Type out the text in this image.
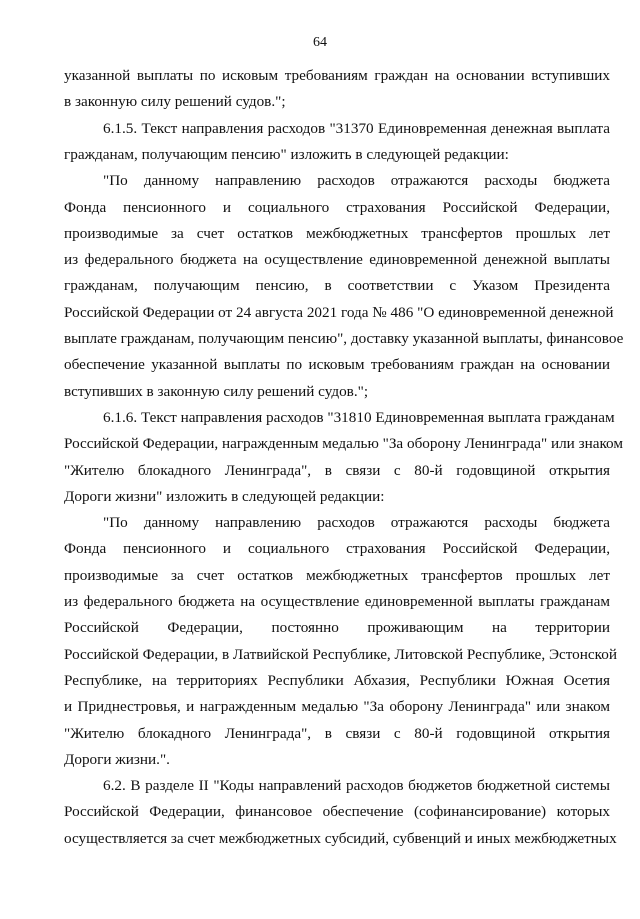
64
указанной выплаты по исковым требованиям граждан на основании вступивших
в законную силу решений судов.";
6.1.5. Текст направления расходов "31370 Единовременная денежная выплата
гражданам, получающим пенсию" изложить в следующей редакции:
"По данному направлению расходов отражаются расходы бюджета
Фонда пенсионного и социального страхования Российской Федерации,
производимые за счет остатков межбюджетных трансфертов прошлых лет
из федерального бюджета на осуществление единовременной денежной выплаты
гражданам, получающим пенсию, в соответствии с Указом Президента
Российской Федерации от 24 августа 2021 года № 486 "О единовременной денежной
выплате гражданам, получающим пенсию", доставку указанной выплаты, финансовое
обеспечение указанной выплаты по исковым требованиям граждан на основании
вступивших в законную силу решений судов.";
6.1.6. Текст направления расходов "31810 Единовременная выплата гражданам
Российской Федерации, награжденным медалью "За оборону Ленинграда" или знаком
"Жителю блокадного Ленинграда", в связи с 80-й годовщиной открытия
Дороги жизни" изложить в следующей редакции:
"По данному направлению расходов отражаются расходы бюджета
Фонда пенсионного и социального страхования Российской Федерации,
производимые за счет остатков межбюджетных трансфертов прошлых лет
из федерального бюджета на осуществление единовременной выплаты гражданам
Российской Федерации, постоянно проживающим на территории
Российской Федерации, в Латвийской Республике, Литовской Республике, Эстонской
Республике, на территориях Республики Абхазия, Республики Южная Осетия
и Приднестровья, и награжденным медалью "За оборону Ленинграда" или знаком
"Жителю блокадного Ленинграда", в связи с 80-й годовщиной открытия
Дороги жизни.".
6.2. В разделе II "Коды направлений расходов бюджетов бюджетной системы
Российской Федерации, финансовое обеспечение (софинансирование) которых
осуществляется за счет межбюджетных субсидий, субвенций и иных межбюджетных
